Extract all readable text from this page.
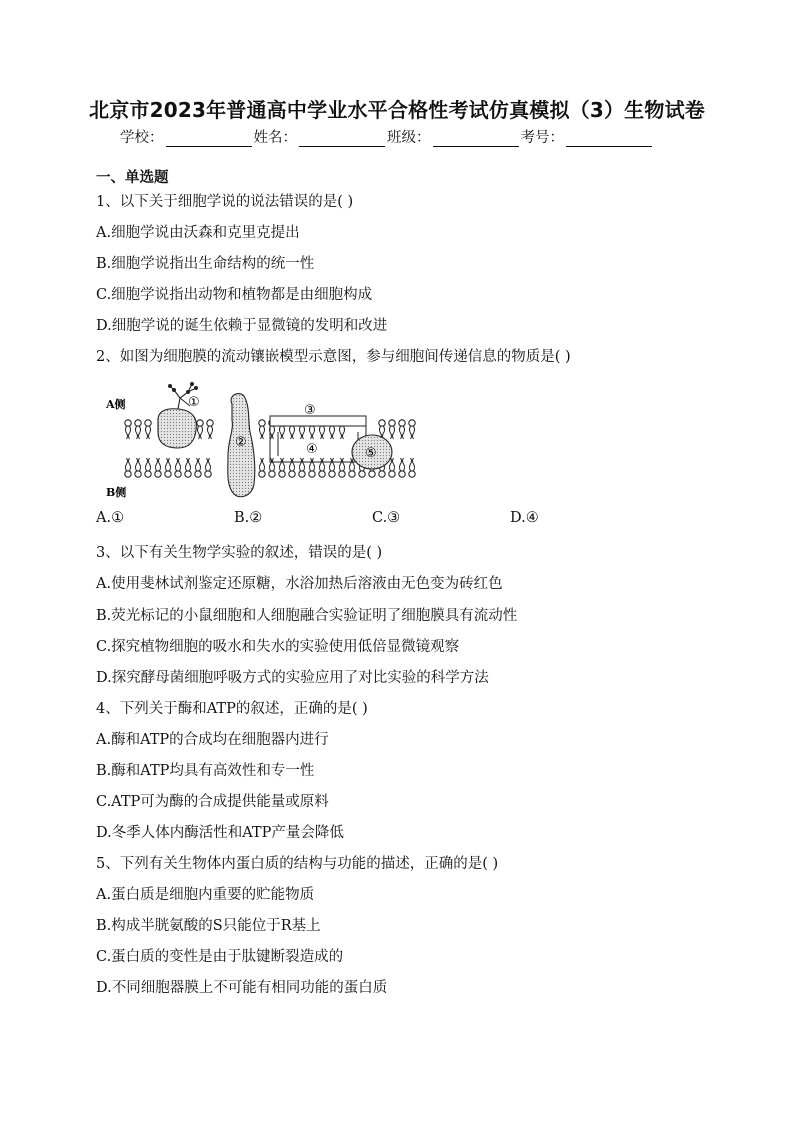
北京市2023年普通高中学业水平合格性考试仿真模拟（3）生物试卷
学校：	姓名：	班级：	考号：
一、单选题
1、以下关于细胞学说的说法错误的是( )
A.细胞学说由沃森和克里克提出
B.细胞学说指出生命结构的统一性
C.细胞学说指出动物和植物都是由细胞构成
D.细胞学说的诞生依赖于显微镜的发明和改进
2、如图为细胞膜的流动镶嵌模型示意图，参与细胞间传递信息的物质是( )
A侧
B侧
①
②
③
④	⑤
A.①	B.②	C.③	D.④
3、以下有关生物学实验的叙述，错误的是( )
A.使用斐林试剂鉴定还原糖，水浴加热后溶液由无色变为砖红色
B.荧光标记的小鼠细胞和人细胞融合实验证明了细胞膜具有流动性
C.探究植物细胞的吸水和失水的实验使用低倍显微镜观察
D.探究酵母菌细胞呼吸方式的实验应用了对比实验的科学方法
4、下列关于酶和ATP的叙述，正确的是( )
A.酶和ATP的合成均在细胞器内进行
B.酶和ATP均具有高效性和专一性
C.ATP可为酶的合成提供能量或原料
D.冬季人体内酶活性和ATP产量会降低
5、下列有关生物体内蛋白质的结构与功能的描述，正确的是( )
A.蛋白质是细胞内重要的贮能物质
B.构成半胱氨酸的S只能位于R基上
C.蛋白质的变性是由于肽键断裂造成的
D.不同细胞器膜上不可能有相同功能的蛋白质
